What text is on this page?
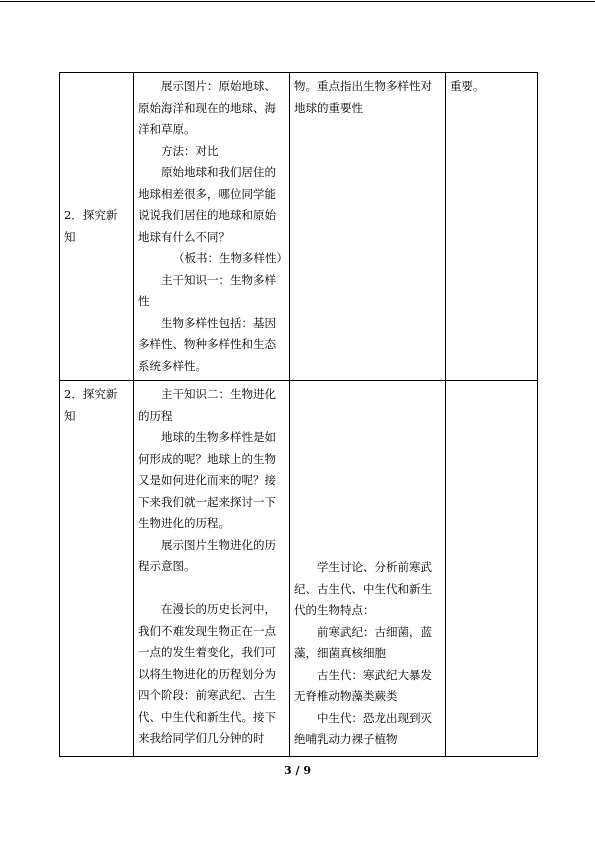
2．探究新知
展示图片：原始地球、原始海洋和现在的地球、海洋和草原。
方法：对比
原始地球和我们居住的地球相差很多，哪位同学能说说我们居住的地球和原始地球有什么不同？
（板书：生物多样性）
主干知识一：生物多样性
生物多样性包括：基因多样性、物种多样性和生态系统多样性。
物。重点指出生物多样性对地球的重要性
重要。
2．探究新知
主干知识二：生物进化的历程
地球的生物多样性是如何形成的呢？地球上的生物又是如何进化而来的呢？接下来我们就一起来探讨一下生物进化的历程。
展示图片生物进化的历程示意图。
在漫长的历史长河中，我们不难发现生物正在一点一点的发生着变化，我们可以将生物进化的历程划分为四个阶段：前寒武纪、古生代、中生代和新生代。接下来我给同学们几分钟的时
学生讨论、分析前寒武纪、古生代、中生代和新生代的生物特点：
前寒武纪：古细菌，蓝藻，细菌真核细胞
古生代：寒武纪大暴发无脊椎动物藻类蕨类
中生代：恐龙出现到灭绝哺乳动力裸子植物
3 / 9
